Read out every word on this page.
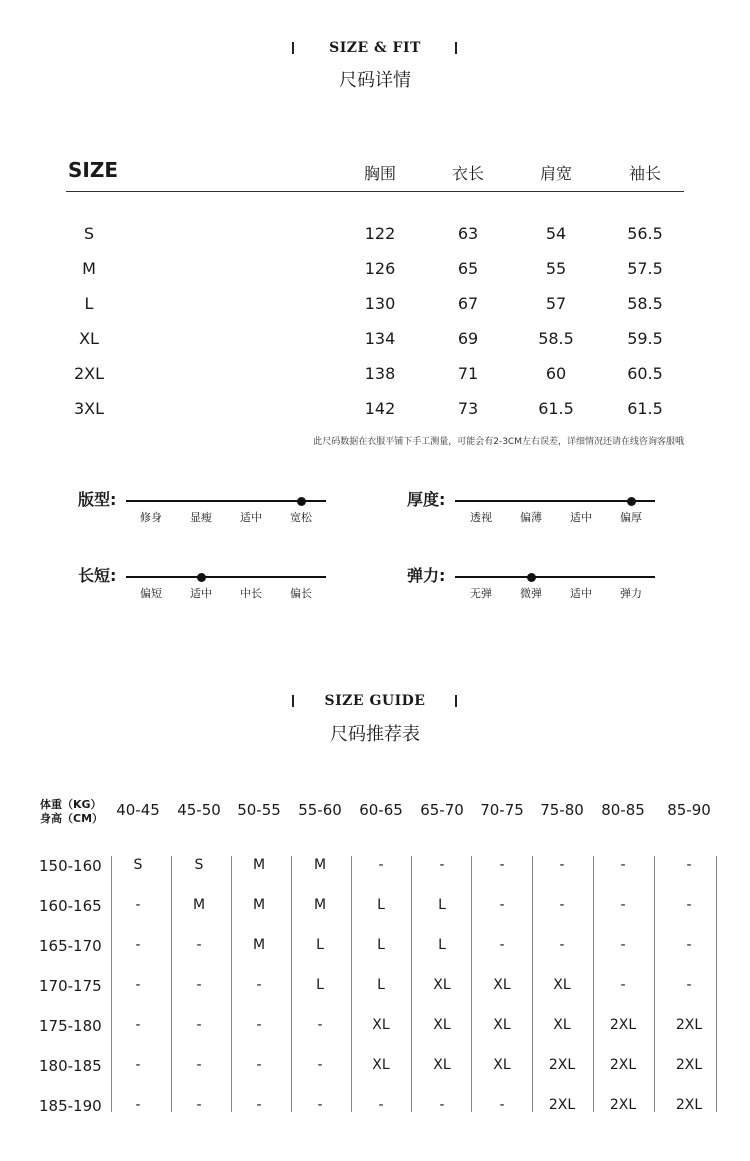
SIZE & FIT
尺码详情
SIZE	胸围	衣长	肩宽	袖长
S	122	63	54	56.5
M	126	65	55	57.5
L	130	67	57	58.5
XL	134	69	58.5	59.5
2XL	138	71	60	60.5
3XL	142	73	61.5	61.5
此尺码数据在衣服平铺下手工测量，可能会有2-3CM左右误差，详细情况还请在线咨询客服哦
版型:
修身	显瘦	适中	宽松
厚度:
透视	偏薄	适中	偏厚
长短:
偏短	适中	中长	偏长
弹力:
无弹	微弹	适中	弹力
SIZE GUIDE
尺码推荐表
体重（KG）
身高（CM） 40-45	45-50	50-55	55-60	60-65	65-70	70-75	75-80	80-85	85-90
150-160	S	S	M	M	-	-	-	-	-	-
160-165	-	M	M	M	L	L	-	-	-	-
165-170	-	-	M	L	L	L	-	-	-	-
170-175	-	-	-	L	L	XL	XL	XL	-	-
175-180	-	-	-	-	XL	XL	XL	XL	2XL	2XL
180-185	-	-	-	-	XL	XL	XL	2XL	2XL	2XL
185-190	-	-	-	-	-	-	-	2XL	2XL	2XL
